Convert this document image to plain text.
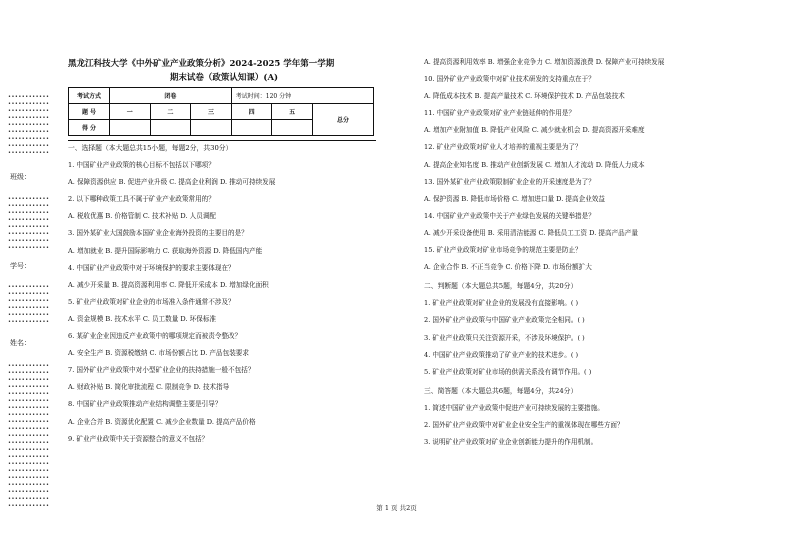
••••••••••••
••••••••••••
••••••••••••
••••••••••••
••••••••••••
••••••••••••
••••••••••••
••••••••••••
••••••••••••
班级：
••••••••••••
••••••••••••
••••••••••••
••••••••••••
••••••••••••
••••••••••••
••••••••••••
••••••••••••
学号：
••••••••••••
••••••••••••
••••••••••••
••••••••••••
••••••••••••
••••••••••••
姓名：
••••••••••••
••••••••••••
••••••••••••
••••••••••••
••••••••••••
••••••••••••
••••••••••••
••••••••••••
••••••••••••
••••••••••••
••••••••••••
••••••••••••
••••••••••••
••••••••••••
••••••••••••
••••••••••••
••••••••••••
••••••••••••
••••••••••••
••••••••••••
••••••••••••
黑龙江科技大学《中外矿业产业政策分析》2024-2025 学年第一学期
期末试卷（政策认知课）(A)
考试方式	闭卷			考试时间：120 分钟		
题 号	一	二	三	四	五	总分
得 分						

一、选择题（本大题总共15小题，每题2分，共30分）

1. 中国矿业产业政策的核心目标不包括以下哪项？

A. 保障资源供应 B. 促进产业升级 C. 提高企业利润 D. 推动可持续发展

2. 以下哪种政策工具不属于矿业产业政策常用的？

A. 税收优惠 B. 价格管制 C. 技术补贴 D. 人员调配

3. 国外某矿业大国鼓励本国矿业企业海外投资的主要目的是？

A. 增加就业 B. 提升国际影响力 C. 获取海外资源 D. 降低国内产能

4. 中国矿业产业政策中对于环境保护的要求主要体现在？

A. 减少开采量 B. 提高资源利用率 C. 降低开采成本 D. 增加绿化面积

5. 矿业产业政策对矿业企业的市场准入条件通常不涉及？

A. 资金规模 B. 技术水平 C. 员工数量 D. 环保标准

6. 某矿业企业因违反产业政策中的哪项规定而被责令整改？

A. 安全生产 B. 资源税缴纳 C. 市场份额占比 D. 产品包装要求

7. 国外矿业产业政策中对小型矿业企业的扶持措施一般不包括？

A. 财政补贴 B. 简化审批流程 C. 限制竞争 D. 技术指导

8. 中国矿业产业政策推动产业结构调整主要是引导？

A. 企业合并 B. 资源优化配置 C. 减少企业数量 D. 提高产品价格

9. 矿业产业政策中关于资源整合的意义不包括？

A. 提高资源利用效率 B. 增强企业竞争力 C. 增加资源浪费 D. 保障产业可持续发展

10. 国外矿业产业政策中对矿业技术研发的支持重点在于？

A. 降低成本技术 B. 提高产量技术 C. 环境保护技术 D. 产品包装技术

11. 中国矿业产业政策对矿业产业链延伸的作用是？

A. 增加产业附加值 B. 降低产业风险 C. 减少就业机会 D. 提高资源开采难度

12. 矿业产业政策对矿业人才培养的重视主要是为了？

A. 提高企业知名度 B. 推动产业创新发展 C. 增加人才流动 D. 降低人力成本

13. 国外某矿业产业政策限制矿业企业的开采速度是为了？

A. 保护资源 B. 降低市场价格 C. 增加进口量 D. 提高企业效益

14. 中国矿业产业政策中关于产业绿色发展的关键举措是？

A. 减少开采设备使用 B. 采用清洁能源 C. 降低员工工资 D. 提高产品产量

15. 矿业产业政策对矿业市场竞争的规范主要是防止？

A. 企业合作 B. 不正当竞争 C. 价格下降 D. 市场份额扩大

二、判断题（本大题总共5题，每题4分，共20分）

1. 矿业产业政策对矿业企业的发展没有直接影响。( )

2. 国外矿业产业政策与中国矿业产业政策完全相同。( )

3. 矿业产业政策只关注资源开采，不涉及环境保护。( )

4. 中国矿业产业政策推动了矿业产业的技术进步。( )

5. 矿业产业政策对矿业市场的供需关系没有调节作用。( )

三、简答题（本大题总共6题，每题4分，共24分）

1. 简述中国矿业产业政策中促进产业可持续发展的主要措施。

2. 国外矿业产业政策中对矿业企业安全生产的重视体现在哪些方面？

3. 说明矿业产业政策对矿业企业创新能力提升的作用机制。

第 1 页 共2页
